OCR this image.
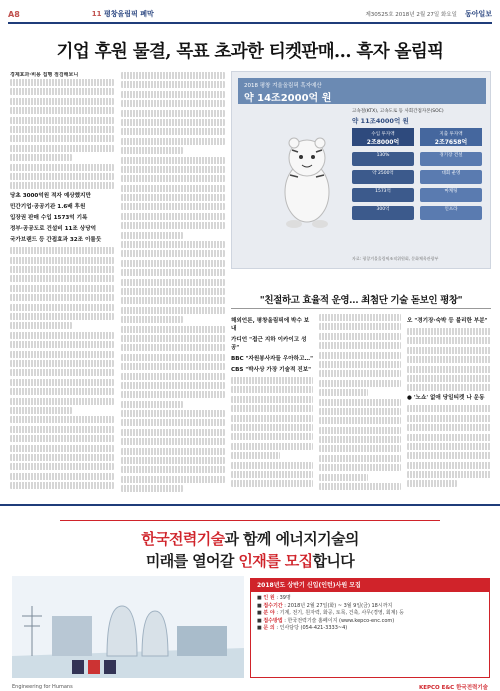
A8	11 평창올림픽 폐막	제30525호 2018년 2월 27일 화요일 동아일보
기업 후원 물결, 목표 초과한 티켓판매… 흑자 올림픽
경제효과·비용 집행 점검해보니
당초 3000억원 적자 예상했지만
민간기업·공공기관 1.6배 후원
입장권 판매 수입 1573억 기록
정부·공공도로 건설비 11조 상당억
국가브랜드 등 간접효과 32조 이를듯
2018 평창 겨울올림픽 흑자예산
약 14조2000억 원
고속철(KTX), 고속도로 등 사회간접자본(SOC)
약 11조4000억 원
수입 투자액
2조8000억
지출 투자액
2조7658억
130%
약 2500억
1573억
300억
경기장 건설
대회 운영
마케팅
인프라
자료: 평창겨울올림픽조직위원회, 문화체육관광부
"친절하고 효율적 운영… 최첨단 기술 돋보인 평창"
해외언론, 평창올림픽에 박수 보내
가디언 "접근 지하 이카이고 성공"
BBC "자원봉사자들 우아하고…"
CBS "박사상 가장 기술적 진보"
오 "경기장·숙박 등 불리한 부분"
● '노쇼' 없애 당일티켓 나 운동
한국전력기술과 함께 에너지기술의
미래를 열어갈 인재를 모집합니다
2018년도 상반기 신입(인턴)사원 모집
■ 인 원 : 39명
■ 접수기간 : 2018년 2월 27일(화) ~ 3월 9일(금) 18시까지
■ 분 야 : 기계, 전기, 원자력, 화공, 토목, 건축, 사무(경영, 회계) 등
■ 접수방법 : 한국전력기술 홈페이지 (www.kepco-enc.com)
■ 문 의 : 인사담당 (054-421-3333~4)
Engineering for Humans	KEPCO E&C 한국전력기술
